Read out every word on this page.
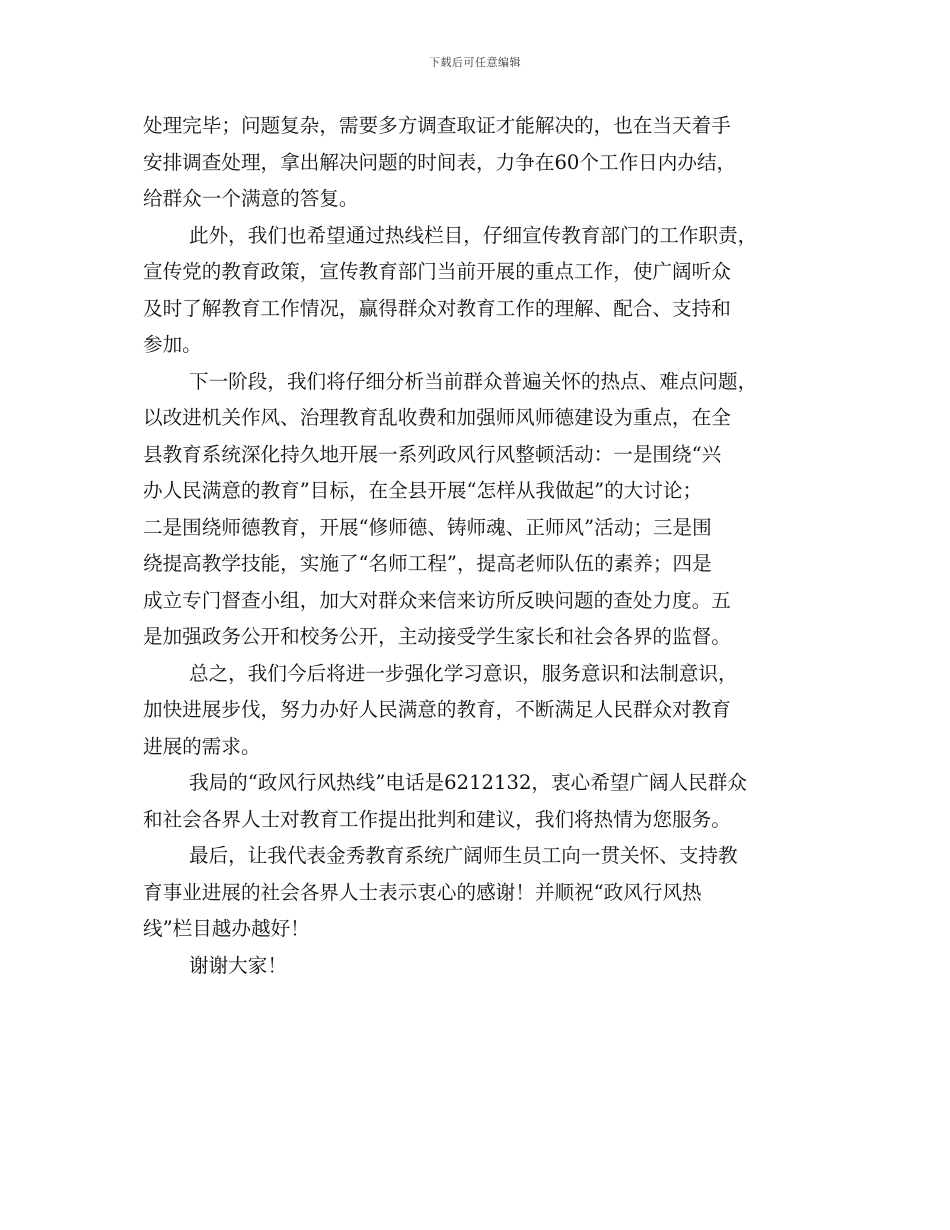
下载后可任意编辑
处理完毕；问题复杂，需要多方调查取证才能解决的，也在当天着手
安排调查处理，拿出解决问题的时间表，力争在60个工作日内办结，
给群众一个满意的答复。
此外，我们也希望通过热线栏目，仔细宣传教育部门的工作职责，
宣传党的教育政策，宣传教育部门当前开展的重点工作，使广阔听众
及时了解教育工作情况，赢得群众对教育工作的理解、配合、支持和
参加。
下一阶段，我们将仔细分析当前群众普遍关怀的热点、难点问题，
以改进机关作风、治理教育乱收费和加强师风师德建设为重点，在全
县教育系统深化持久地开展一系列政风行风整顿活动：一是围绕“兴
办人民满意的教育”目标，在全县开展“怎样从我做起”的大讨论；
二是围绕师德教育，开展“修师德、铸师魂、正师风”活动；三是围
绕提高教学技能，实施了“名师工程”，提高老师队伍的素养；四是
成立专门督查小组，加大对群众来信来访所反映问题的查处力度。五
是加强政务公开和校务公开，主动接受学生家长和社会各界的监督。
总之，我们今后将进一步强化学习意识，服务意识和法制意识，
加快进展步伐，努力办好人民满意的教育，不断满足人民群众对教育
进展的需求。
我局的“政风行风热线”电话是6212132，衷心希望广阔人民群众
和社会各界人士对教育工作提出批判和建议，我们将热情为您服务。
最后，让我代表金秀教育系统广阔师生员工向一贯关怀、支持教
育事业进展的社会各界人士表示衷心的感谢！并顺祝“政风行风热
线”栏目越办越好！
谢谢大家！
